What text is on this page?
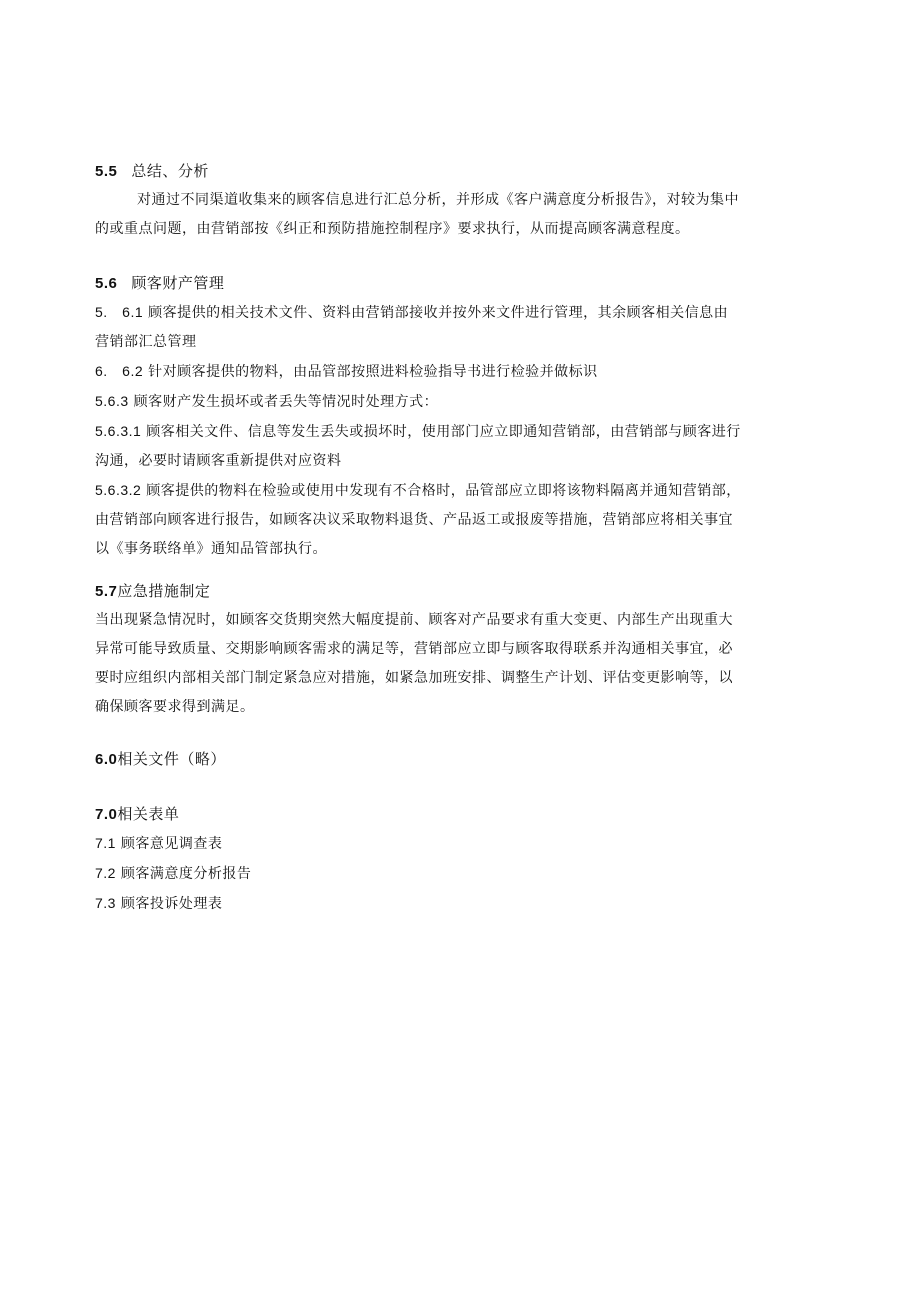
5.5 总结、分析
对通过不同渠道收集来的顾客信息进行汇总分析，并形成《客户满意度分析报告》，对较为集中
的或重点问题，由营销部按《纠正和预防措施控制程序》要求执行，从而提高顾客满意程度。
5.6 顾客财产管理
5.　6.1 顾客提供的相关技术文件、资料由营销部接收并按外来文件进行管理，其余顾客相关信息由
营销部汇总管理
6.　6.2 针对顾客提供的物料，由品管部按照进料检验指导书进行检验并做标识
5.6.3 顾客财产发生损坏或者丢失等情况时处理方式：
5.6.3.1 顾客相关文件、信息等发生丢失或损坏时，使用部门应立即通知营销部，由营销部与顾客进行
沟通，必要时请顾客重新提供对应资料
5.6.3.2 顾客提供的物料在检验或使用中发现有不合格时，品管部应立即将该物料隔离并通知营销部，
由营销部向顾客进行报告，如顾客决议采取物料退货、产品返工或报废等措施，营销部应将相关事宜
以《事务联络单》通知品管部执行。
5.7应急措施制定
当出现紧急情况时，如顾客交货期突然大幅度提前、顾客对产品要求有重大变更、内部生产出现重大
异常可能导致质量、交期影响顾客需求的满足等，营销部应立即与顾客取得联系并沟通相关事宜，必
要时应组织内部相关部门制定紧急应对措施，如紧急加班安排、调整生产计划、评估变更影响等，以
确保顾客要求得到满足。
6.0相关文件（略）
7.0相关表单
7.1 顾客意见调查表
7.2 顾客满意度分析报告
7.3 顾客投诉处理表
